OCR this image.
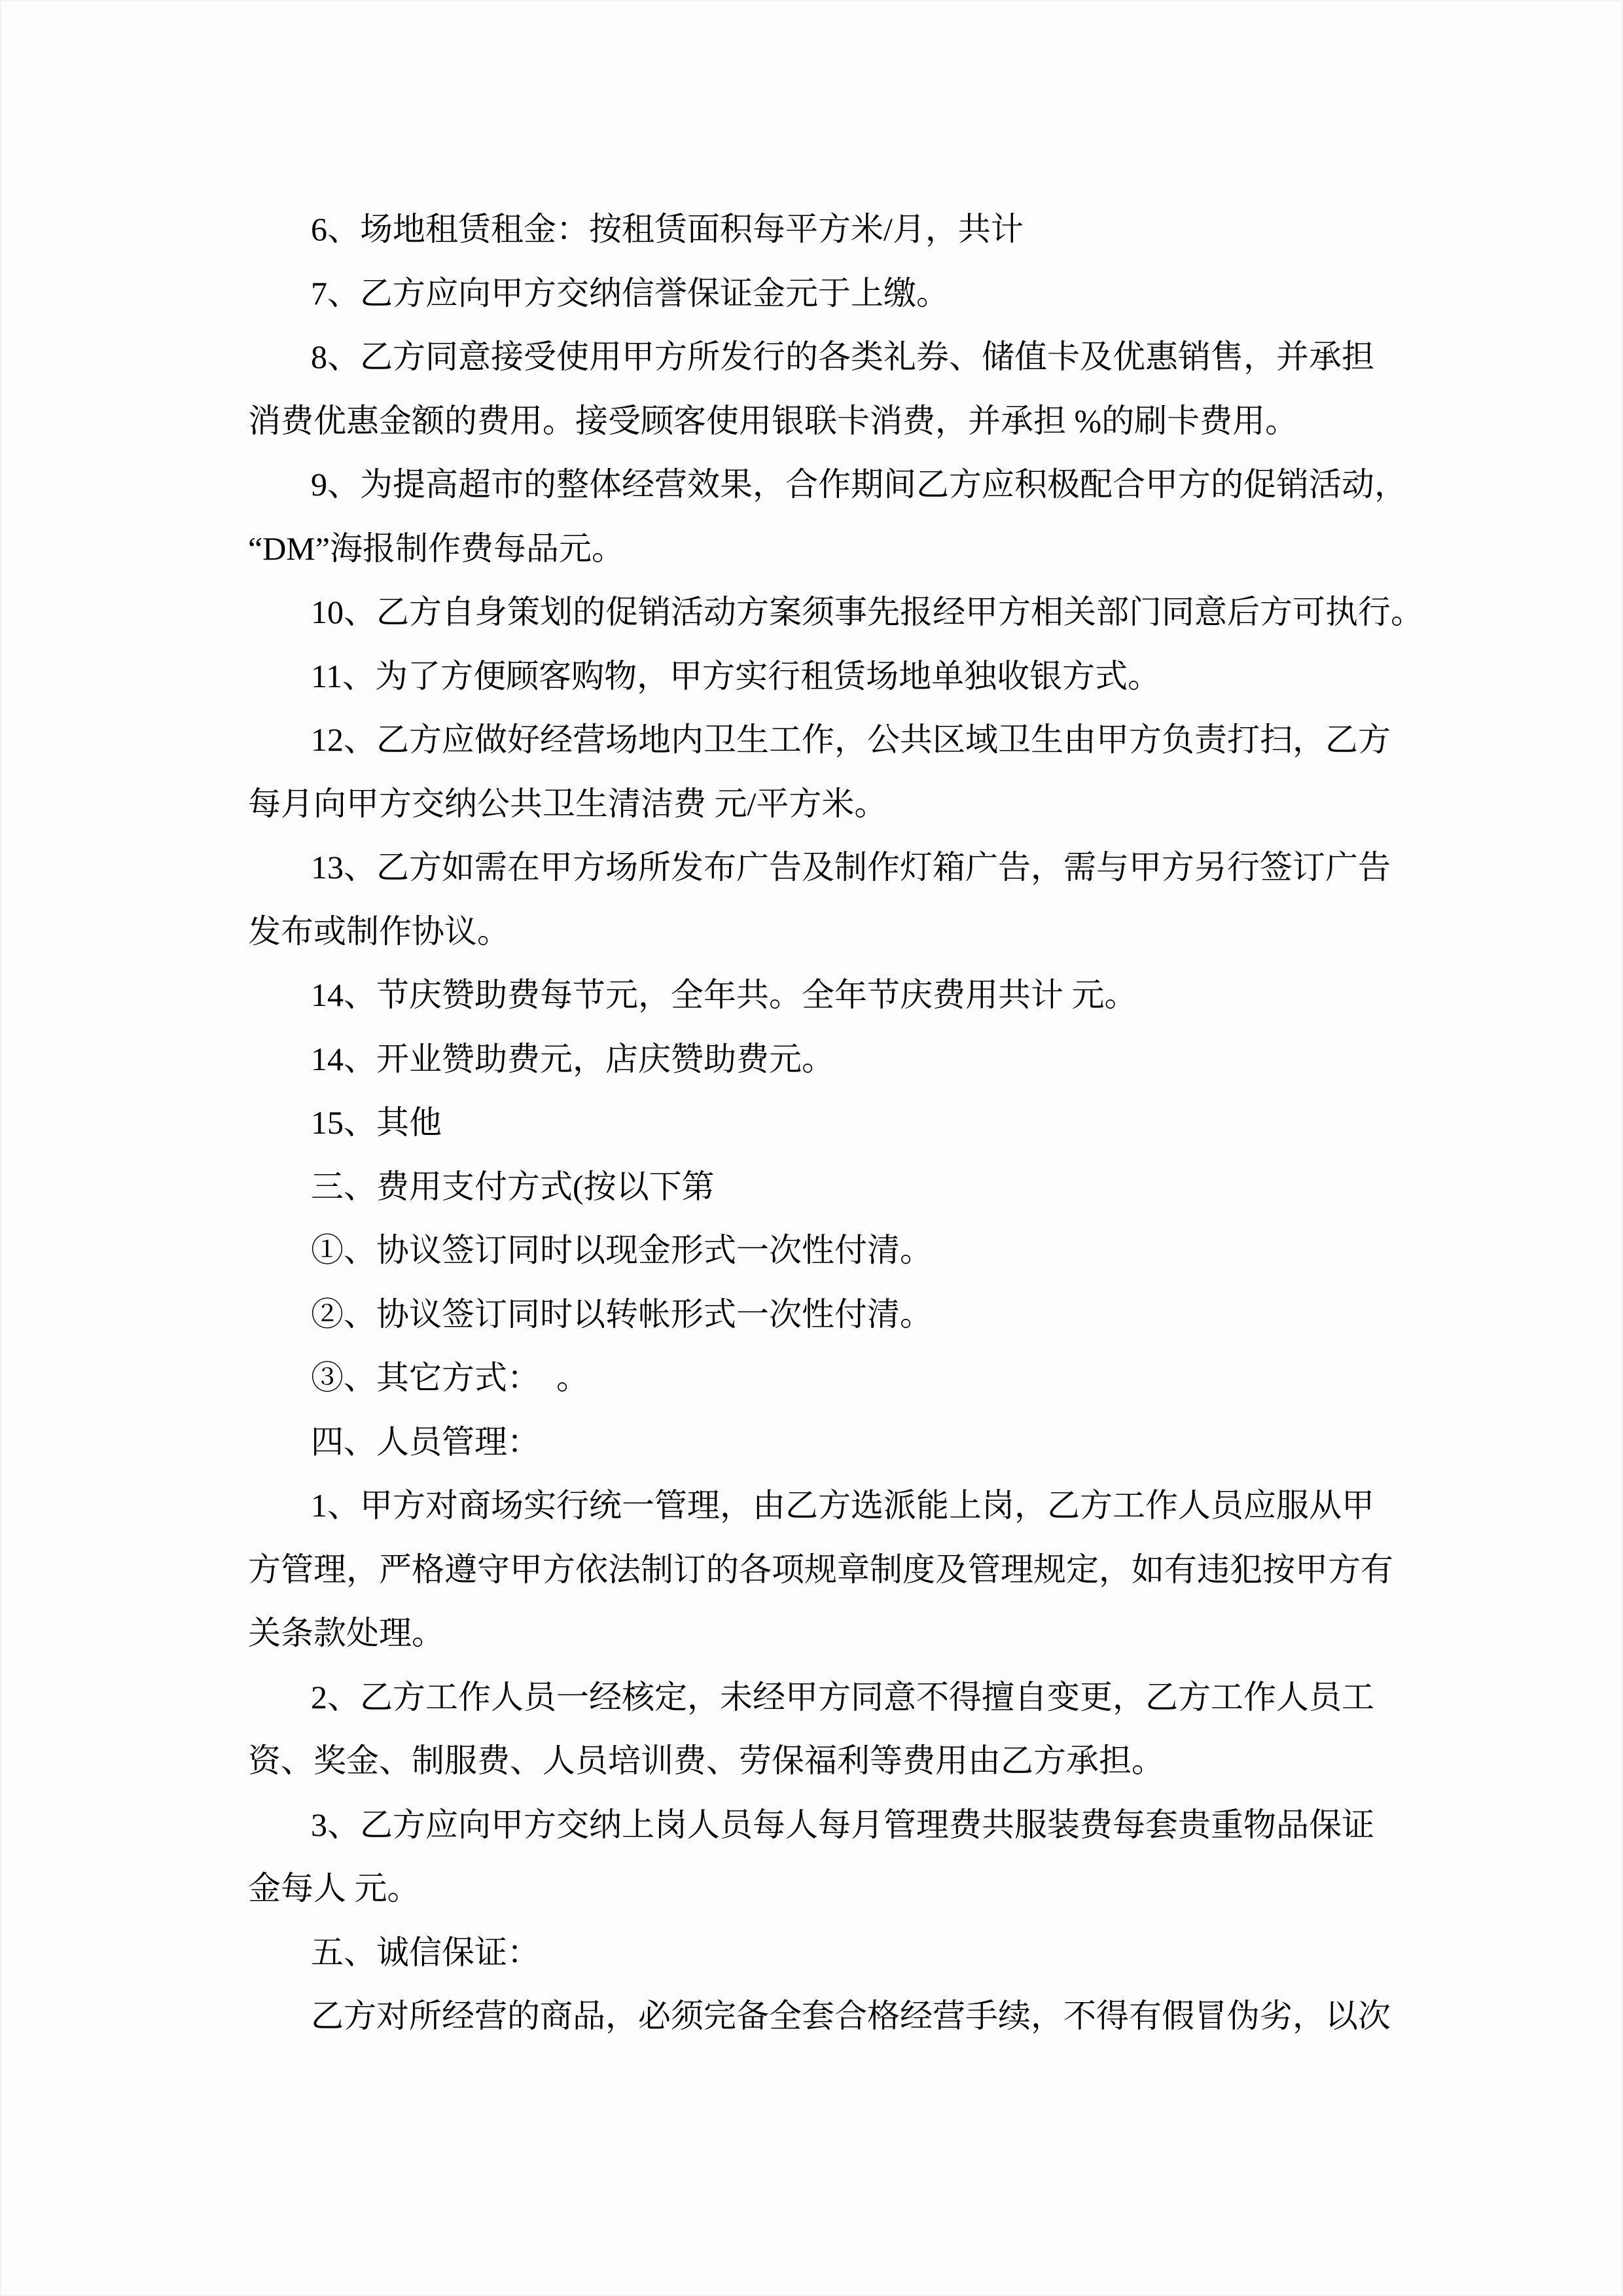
6、场地租赁租金：按租赁面积每平方米/月，共计
7、乙方应向甲方交纳信誉保证金元于上缴。
8、乙方同意接受使用甲方所发行的各类礼券、储值卡及优惠销售，并承担
消费优惠金额的费用。接受顾客使用银联卡消费，并承担 %的刷卡费用。
9、为提高超市的整体经营效果，合作期间乙方应积极配合甲方的促销活动，
“DM”海报制作费每品元。
10、乙方自身策划的促销活动方案须事先报经甲方相关部门同意后方可执行。
11、为了方便顾客购物，甲方实行租赁场地单独收银方式。
12、乙方应做好经营场地内卫生工作，公共区域卫生由甲方负责打扫，乙方
每月向甲方交纳公共卫生清洁费 元/平方米。
13、乙方如需在甲方场所发布广告及制作灯箱广告，需与甲方另行签订广告
发布或制作协议。
14、节庆赞助费每节元，全年共。全年节庆费用共计 元。
14、开业赞助费元，店庆赞助费元。
15、其他
三、费用支付方式(按以下第
①、协议签订同时以现金形式一次性付清。
②、协议签订同时以转帐形式一次性付清。
③、其它方式：　。
四、人员管理：
1、甲方对商场实行统一管理，由乙方选派能上岗，乙方工作人员应服从甲
方管理，严格遵守甲方依法制订的各项规章制度及管理规定，如有违犯按甲方有
关条款处理。
2、乙方工作人员一经核定，未经甲方同意不得擅自变更，乙方工作人员工
资、奖金、制服费、人员培训费、劳保福利等费用由乙方承担。
3、乙方应向甲方交纳上岗人员每人每月管理费共服装费每套贵重物品保证
金每人 元。
五、诚信保证：
乙方对所经营的商品，必须完备全套合格经营手续，不得有假冒伪劣，以次
